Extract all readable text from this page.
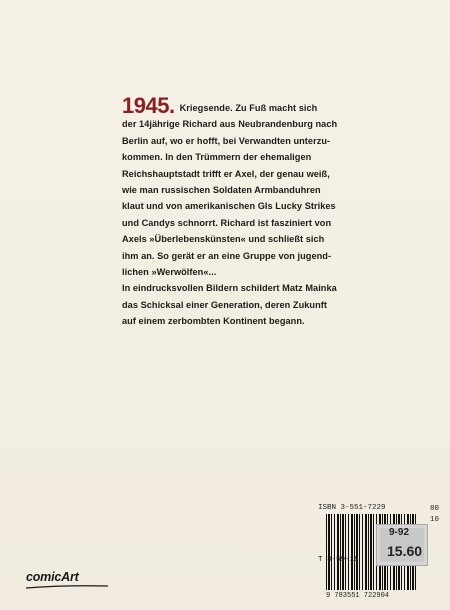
1945. Kriegsende. Zu Fuß macht sich
der 14jährige Richard aus Neubrandenburg nach
Berlin auf, wo er hofft, bei Verwandten unterzu-
kommen. In den Trümmern der ehemaligen
Reichshauptstadt trifft er Axel, der genau weiß,
wie man russischen Soldaten Armbanduhren
klaut und von amerikanischen GIs Lucky Strikes
und Candys schnorrt. Richard ist fasziniert von
Axels »Überlebenskünsten« und schließt sich
ihm an. So gerät er an eine Gruppe von jugend-
lichen »Werwölfen«...
In eindrucksvollen Bildern schildert Matz Mainka
das Schicksal einer Generation, deren Zukunft
auf einem zerbombten Kontinent begann.
ISBN 3-551-7229	80
10
T 3-59-18
9 783551 722904
9-92
15.60
comicArt
